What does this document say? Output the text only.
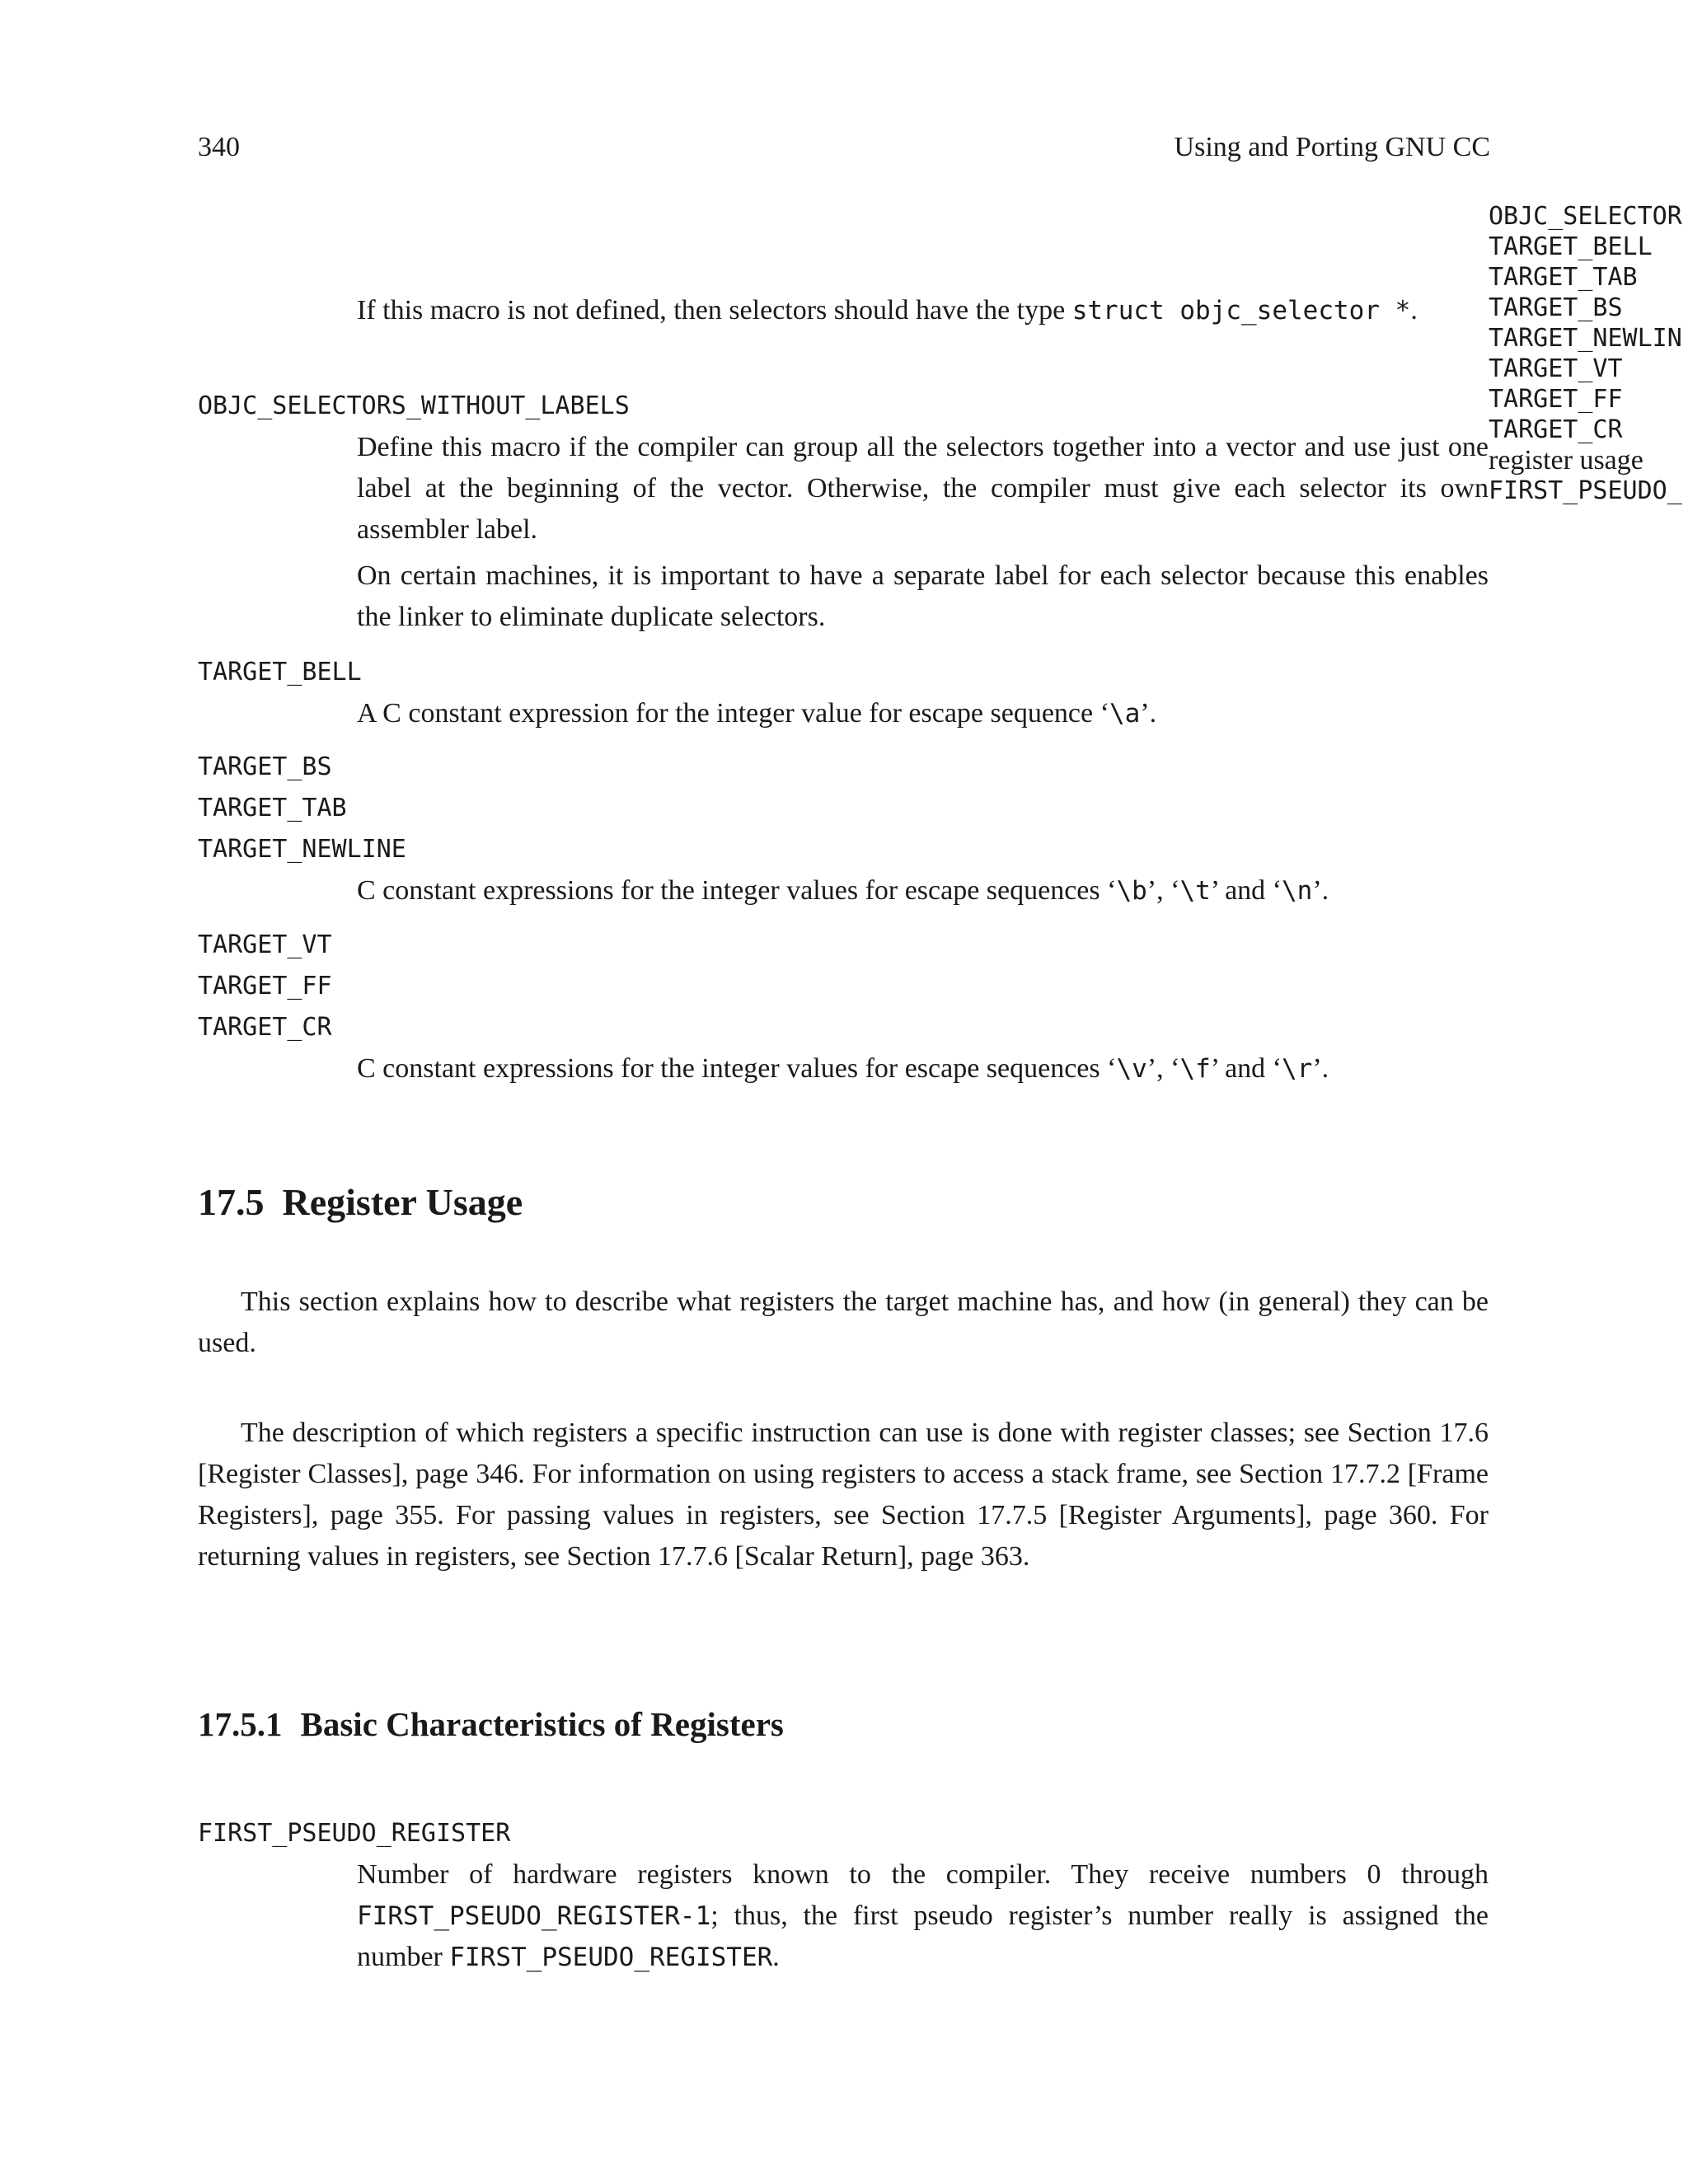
340	Using and Porting GNU CC
OBJC_SELECTOR
TARGET_BELL
TARGET_TAB
TARGET_BS
TARGET_NEWLIN
TARGET_VT
TARGET_FF
TARGET_CR
register usage
FIRST_PSEUDO_
If this macro is not defined, then selectors should have the type struct objc_selector *.
OBJC_SELECTORS_WITHOUT_LABELS
Define this macro if the compiler can group all the selectors together into a vector and use just one label at the beginning of the vector. Otherwise, the compiler must give each selector its own assembler label.
On certain machines, it is important to have a separate label for each selector because this enables the linker to eliminate duplicate selectors.
TARGET_BELL
A C constant expression for the integer value for escape sequence ‘\a’.
TARGET_BS
TARGET_TAB
TARGET_NEWLINE
C constant expressions for the integer values for escape sequences ‘\b’, ‘\t’ and ‘\n’.
TARGET_VT
TARGET_FF
TARGET_CR
C constant expressions for the integer values for escape sequences ‘\v’, ‘\f’ and ‘\r’.
17.5 Register Usage
This section explains how to describe what registers the target machine has, and how (in general) they can be used.
The description of which registers a specific instruction can use is done with register classes; see Section 17.6 [Register Classes], page 346. For information on using registers to access a stack frame, see Section 17.7.2 [Frame Registers], page 355. For passing values in registers, see Section 17.7.5 [Register Arguments], page 360. For returning values in registers, see Section 17.7.6 [Scalar Return], page 363.
17.5.1 Basic Characteristics of Registers
FIRST_PSEUDO_REGISTER
Number of hardware registers known to the compiler. They receive numbers 0 through FIRST_PSEUDO_REGISTER-1; thus, the first pseudo register’s number really is assigned the number FIRST_PSEUDO_REGISTER.
